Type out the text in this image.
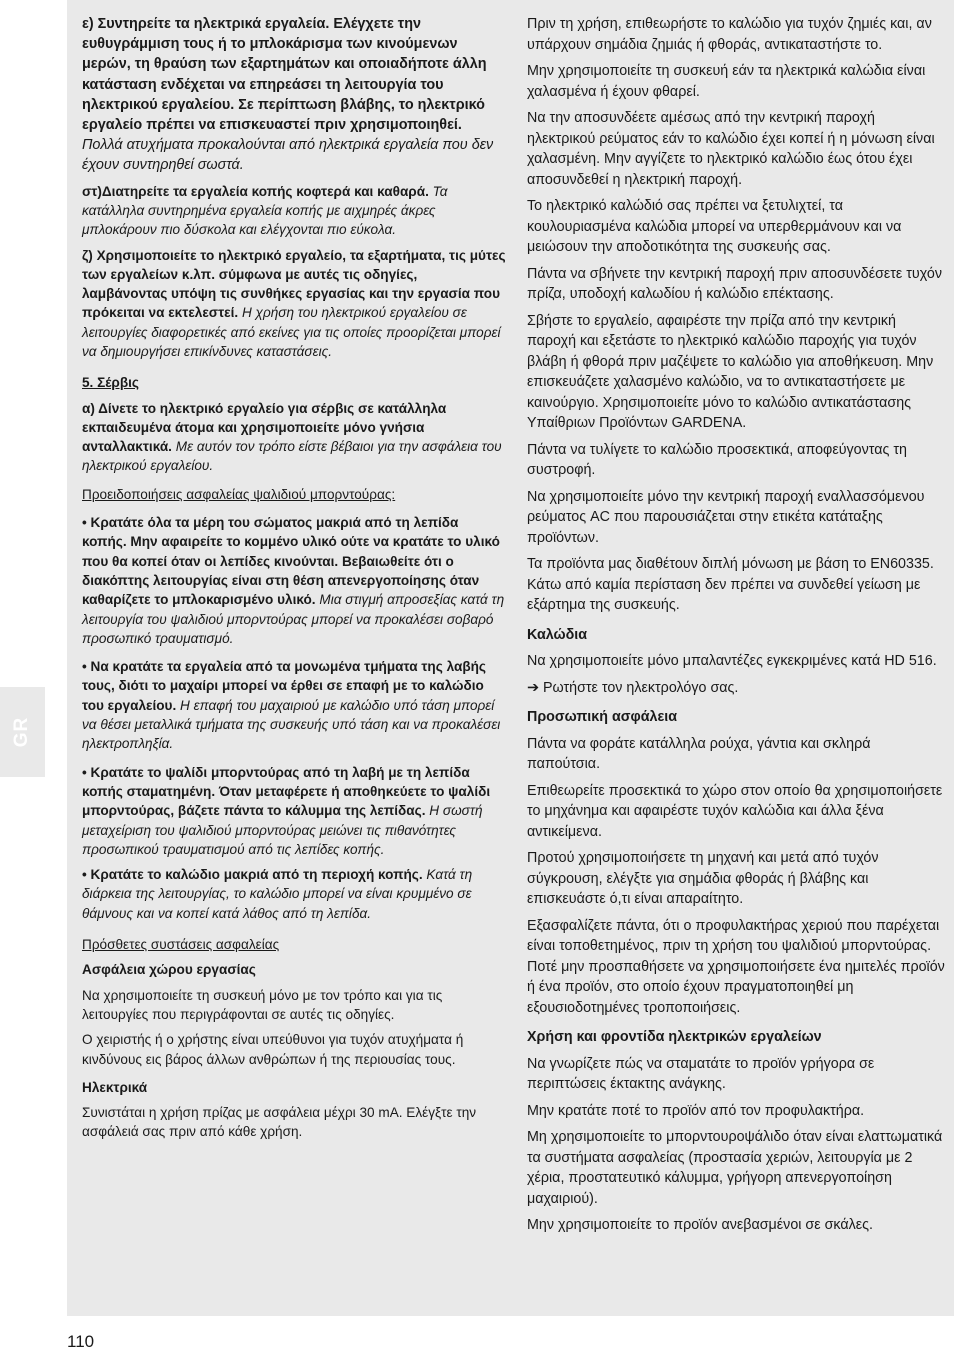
GR

ε) Συντηρείτε τα ηλεκτρικά εργαλεία. Ελέγχετε την ευθυγράμμιση τους ή το μπλοκάρισμα των κινούμενων μερών, τη θραύση των εξαρτημάτων και οποιαδήποτε άλλη κατάσταση ενδέχεται να επηρεάσει τη λειτουργία του ηλεκτρικού εργαλείου. Σε περίπτωση βλάβης, το ηλεκτρικό εργαλείο πρέπει να επισκευαστεί πριν χρησιμοποιηθεί. Πολλά ατυχήματα προκαλούνται από ηλεκτρικά εργαλεία που δεν έχουν συντηρηθεί σωστά.

στ)Διατηρείτε τα εργαλεία κοπής κοφτερά και καθαρά. Τα κατάλληλα συντηρημένα εργαλεία κοπής με αιχμηρές άκρες μπλοκάρουν πιο δύσκολα και ελέγχονται πιο εύκολα.

ζ) Χρησιμοποιείτε το ηλεκτρικό εργαλείο, τα εξαρτήματα, τις μύτες των εργαλείων κ.λπ. σύμφωνα με αυτές τις οδηγίες, λαμβάνοντας υπόψη τις συνθήκες εργασίας και την εργασία που πρόκειται να εκτελεστεί. Η χρήση του ηλεκτρικού εργαλείου σε λειτουργίες διαφορετικές από εκείνες για τις οποίες προορίζεται μπορεί να δημιουργήσει επικίνδυνες καταστάσεις.

5. Σέρβις

α) Δίνετε το ηλεκτρικό εργαλείο για σέρβις σε κατάλληλα εκπαιδευμένα άτομα και χρησιμοποιείτε μόνο γνήσια ανταλλακτικά. Με αυτόν τον τρόπο είστε βέβαιοι για την ασφάλεια του ηλεκτρικού εργαλείου.

Προειδοποιήσεις ασφαλείας ψαλιδιού μπορντούρας:

• Κρατάτε όλα τα μέρη του σώματος μακριά από τη λεπίδα κοπής. Μην αφαιρείτε το κομμένο υλικό ούτε να κρατάτε το υλικό που θα κοπεί όταν οι λεπίδες κινούνται. Βεβαιωθείτε ότι ο διακόπτης λειτουργίας είναι στη θέση απενεργοποίησης όταν καθαρίζετε το μπλοκαρισμένο υλικό. Μια στιγμή απροσεξίας κατά τη λειτουργία του ψαλιδιού μπορντούρας μπορεί να προκαλέσει σοβαρό προσωπικό τραυματισμό.

• Να κρατάτε τα εργαλεία από τα μονωμένα τμήματα της λαβής τους, διότι το μαχαίρι μπορεί να έρθει σε επαφή με το καλώδιο του εργαλείου. Η επαφή του μαχαιριού με καλώδιο υπό τάση μπορεί να θέσει μεταλλικά τμήματα της συσκευής υπό τάση και να προκαλέσει ηλεκτροπληξία.

• Κρατάτε το ψαλίδι μπορντούρας από τη λαβή με τη λεπίδα κοπής σταματημένη. Όταν μεταφέρετε ή αποθηκεύετε το ψαλίδι μπορντούρας, βάζετε πάντα το κάλυμμα της λεπίδας. Η σωστή μεταχείριση του ψαλιδιού μπορντούρας μειώνει τις πιθανότητες προσωπικού τραυματισμού από τις λεπίδες κοπής.

• Κρατάτε το καλώδιο μακριά από τη περιοχή κοπής. Κατά τη διάρκεια της λειτουργίας, το καλώδιο μπορεί να είναι κρυμμένο σε θάμνους και να κοπεί κατά λάθος από τη λεπίδα.

Πρόσθετες συστάσεις ασφαλείας

Ασφάλεια χώρου εργασίας

Να χρησιμοποιείτε τη συσκευή μόνο με τον τρόπο και για τις λειτουργίες που περιγράφονται σε αυτές τις οδηγίες.

Ο χειριστής ή ο χρήστης είναι υπεύθυνοι για τυχόν ατυχήματα ή κινδύνους εις βάρος άλλων ανθρώπων ή της περιουσίας τους.

Ηλεκτρικά

Συνιστάται η χρήση πρίζας με ασφάλεια μέχρι 30 mA. Ελέγξτε την ασφάλειά σας πριν από κάθε χρήση.

Πριν τη χρήση, επιθεωρήστε το καλώδιο για τυχόν ζημιές και, αν υπάρχουν σημάδια ζημιάς ή φθοράς, αντικαταστήστε το.

Μην χρησιμοποιείτε τη συσκευή εάν τα ηλεκτρικά καλώδια είναι χαλασμένα ή έχουν φθαρεί.

Να την αποσυνδέετε αμέσως από την κεντρική παροχή ηλεκτρικού ρεύματος εάν το καλώδιο έχει κοπεί ή η μόνωση είναι χαλασμένη. Μην αγγίζετε το ηλεκτρικό καλώδιο έως ότου έχει αποσυνδεθεί η ηλεκτρική παροχή.

Το ηλεκτρικό καλώδιό σας πρέπει να ξετυλιχτεί, τα κουλουριασμένα καλώδια μπορεί να υπερθερμάνουν και να μειώσουν την αποδοτικότητα της συσκευής σας.

Πάντα να σβήνετε την κεντρική παροχή πριν αποσυνδέσετε τυχόν πρίζα, υποδοχή καλωδίου ή καλώδιο επέκτασης.

Σβήστε το εργαλείο, αφαιρέστε την πρίζα από την κεντρική παροχή και εξετάστε το ηλεκτρικό καλώδιο παροχής για τυχόν βλάβη ή φθορά πριν μαζέψετε το καλώδιο για αποθήκευση. Μην επισκευάζετε χαλασμένο καλώδιο, να το αντικαταστήσετε με καινούργιο. Χρησιμοποιείτε μόνο το καλώδιο αντικατάστασης Υπαίθριων Προϊόντων GARDENA.

Πάντα να τυλίγετε το καλώδιο προσεκτικά, αποφεύγοντας τη συστροφή.

Να χρησιμοποιείτε μόνο την κεντρική παροχή εναλλασσόμενου ρεύματος AC που παρουσιάζεται στην ετικέτα κατάταξης προϊόντων.

Τα προϊόντα μας διαθέτουν διπλή μόνωση με βάση το EN60335. Κάτω από καμία περίσταση δεν πρέπει να συνδεθεί γείωση με εξάρτημα της συσκευής.

Καλώδια

Να χρησιμοποιείτε μόνο μπαλαντέζες εγκεκριμένες κατά HD 516.

➔ Ρωτήστε τον ηλεκτρολόγο σας.

Προσωπική ασφάλεια

Πάντα να φοράτε κατάλληλα ρούχα, γάντια και σκληρά παπούτσια.

Επιθεωρείτε προσεκτικά το χώρο στον οποίο θα χρησιμοποιήσετε το μηχάνημα και αφαιρέστε τυχόν καλώδια και άλλα ξένα αντικείμενα.

Προτού χρησιμοποιήσετε τη μηχανή και μετά από τυχόν σύγκρουση, ελέγξτε για σημάδια φθοράς ή βλάβης και επισκευάστε ό,τι είναι απαραίτητο.

Εξασφαλίζετε πάντα, ότι ο προφυλακτήρας χεριού που παρέχεται είναι τοποθετημένος, πριν τη χρήση του ψαλιδιού μπορντούρας. Ποτέ μην προσπαθήσετε να χρησιμοποιήσετε ένα ημιτελές προϊόν ή ένα προϊόν, στο οποίο έχουν πραγματοποιηθεί μη εξουσιοδοτημένες τροποποιήσεις.

Χρήση και φροντίδα ηλεκτρικών εργαλείων

Να γνωρίζετε πώς να σταματάτε το προϊόν γρήγορα σε περιπτώσεις έκτακτης ανάγκης.

Μην κρατάτε ποτέ το προϊόν από τον προφυλακτήρα.

Μη χρησιμοποιείτε το μπορντουροψάλιδο όταν είναι ελαττωματικά τα συστήματα ασφαλείας (προστασία χεριών, λειτουργία με 2 χέρια, προστατευτικό κάλυμμα, γρήγορη απενεργοποίηση μαχαιριού).

Μην χρησιμοποιείτε το προϊόν ανεβασμένοι σε σκάλες.

110
